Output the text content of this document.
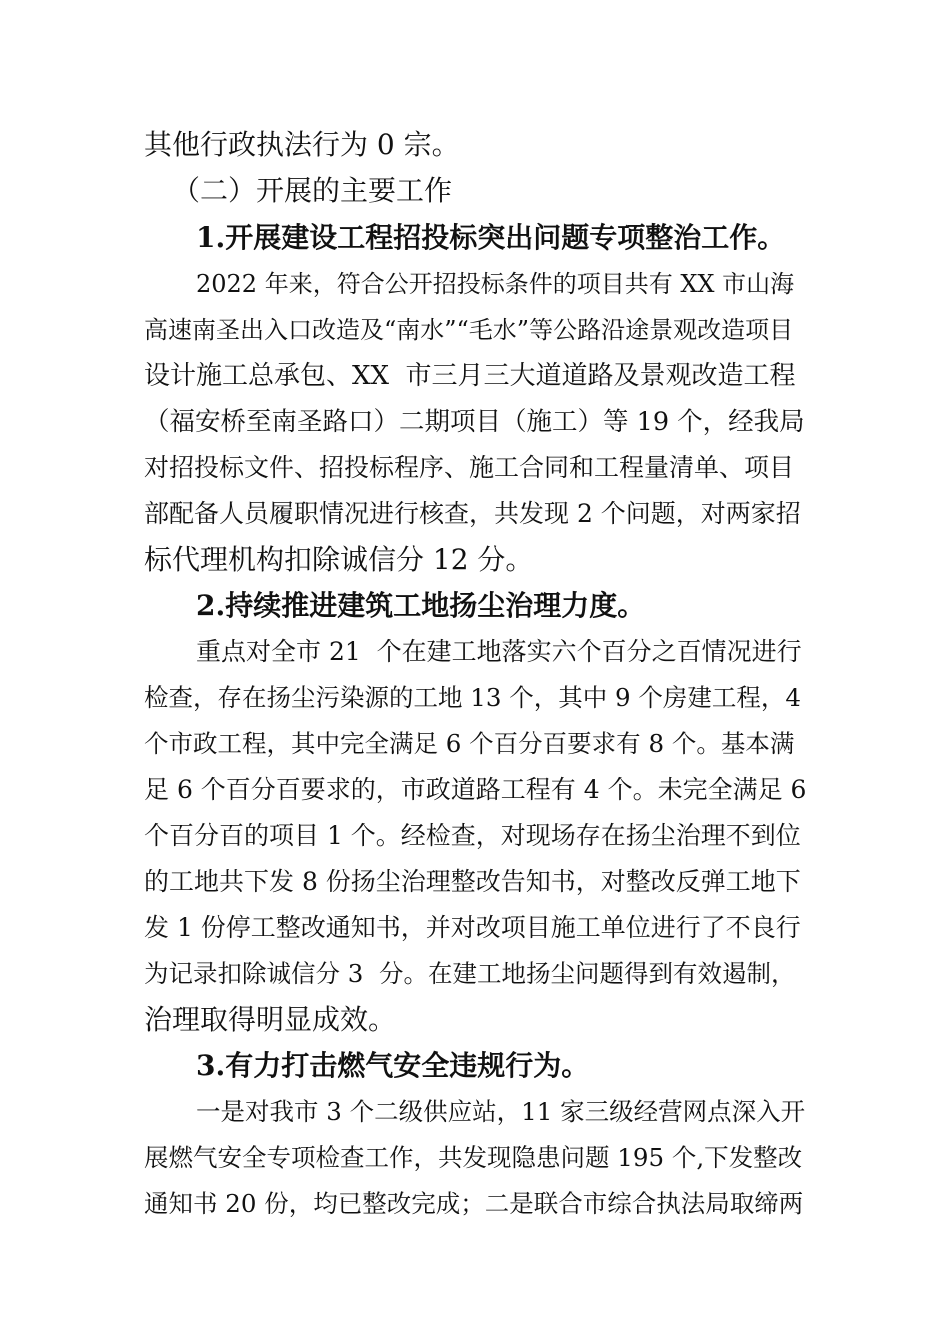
其他行政执法行为 0 宗。
（二）开展的主要工作
1.开展建设工程招投标突出问题专项整治工作。
2022 年来，符合公开招投标条件的项目共有 XX 市山海
高速南圣出入口改造及“南水”“毛水”等公路沿途景观改造项目
设计施工总承包、XX  市三月三大道道路及景观改造工程
（福安桥至南圣路口）二期项目（施工）等 19 个，经我局
对招投标文件、招投标程序、施工合同和工程量清单、项目
部配备人员履职情况进行核查，共发现 2 个问题，对两家招
标代理机构扣除诚信分 12 分。
2.持续推进建筑工地扬尘治理力度。
重点对全市 21  个在建工地落实六个百分之百情况进行
检查，存在扬尘污染源的工地 13 个，其中 9 个房建工程，4
个市政工程，其中完全满足 6 个百分百要求有 8 个。基本满
足 6 个百分百要求的，市政道路工程有 4 个。未完全满足 6
个百分百的项目 1 个。经检查，对现场存在扬尘治理不到位
的工地共下发 8 份扬尘治理整改告知书，对整改反弹工地下
发 1 份停工整改通知书，并对改项目施工单位进行了不良行
为记录扣除诚信分 3  分。在建工地扬尘问题得到有效遏制，
治理取得明显成效。
3.有力打击燃气安全违规行为。
一是对我市 3 个二级供应站，11 家三级经营网点深入开
展燃气安全专项检查工作，共发现隐患问题 195 个,下发整改
通知书 20 份，均已整改完成；二是联合市综合执法局取缔两
